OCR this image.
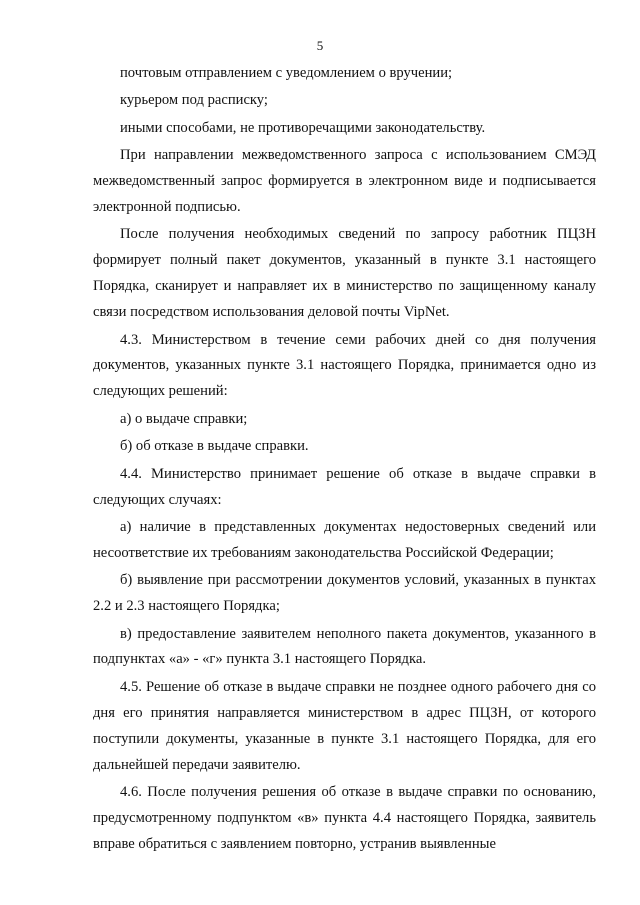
5

почтовым отправлением с уведомлением о вручении;

курьером под расписку;

иными способами, не противоречащими законодательству.

При направлении межведомственного запроса с использованием СМЭД межведомственный запрос формируется в электронном виде и подписывается электронной подписью.

После получения необходимых сведений по запросу работник ПЦЗН формирует полный пакет документов, указанный в пункте 3.1 настоящего Порядка, сканирует и направляет их в министерство по защищенному каналу связи посредством использования деловой почты VipNet.

4.3. Министерством в течение семи рабочих дней со дня получения документов, указанных пункте 3.1 настоящего Порядка, принимается одно из следующих решений:

а) о выдаче справки;

б) об отказе в выдаче справки.

4.4. Министерство принимает решение об отказе в выдаче справки в следующих случаях:

а) наличие в представленных документах недостоверных сведений или несоответствие их требованиям законодательства Российской Федерации;

б) выявление при рассмотрении документов условий, указанных в пунктах 2.2 и 2.3 настоящего Порядка;

в) предоставление заявителем неполного пакета документов, указанного в подпунктах «а» - «г» пункта 3.1 настоящего Порядка.

4.5. Решение об отказе в выдаче справки не позднее одного рабочего дня со дня его принятия направляется министерством в адрес ПЦЗН, от которого поступили документы, указанные в пункте 3.1 настоящего Порядка, для его дальнейшей передачи заявителю.

4.6. После получения решения об отказе в выдаче справки по основанию, предусмотренному подпунктом «в» пункта 4.4 настоящего Порядка, заявитель вправе обратиться с заявлением повторно, устранив выявленные
